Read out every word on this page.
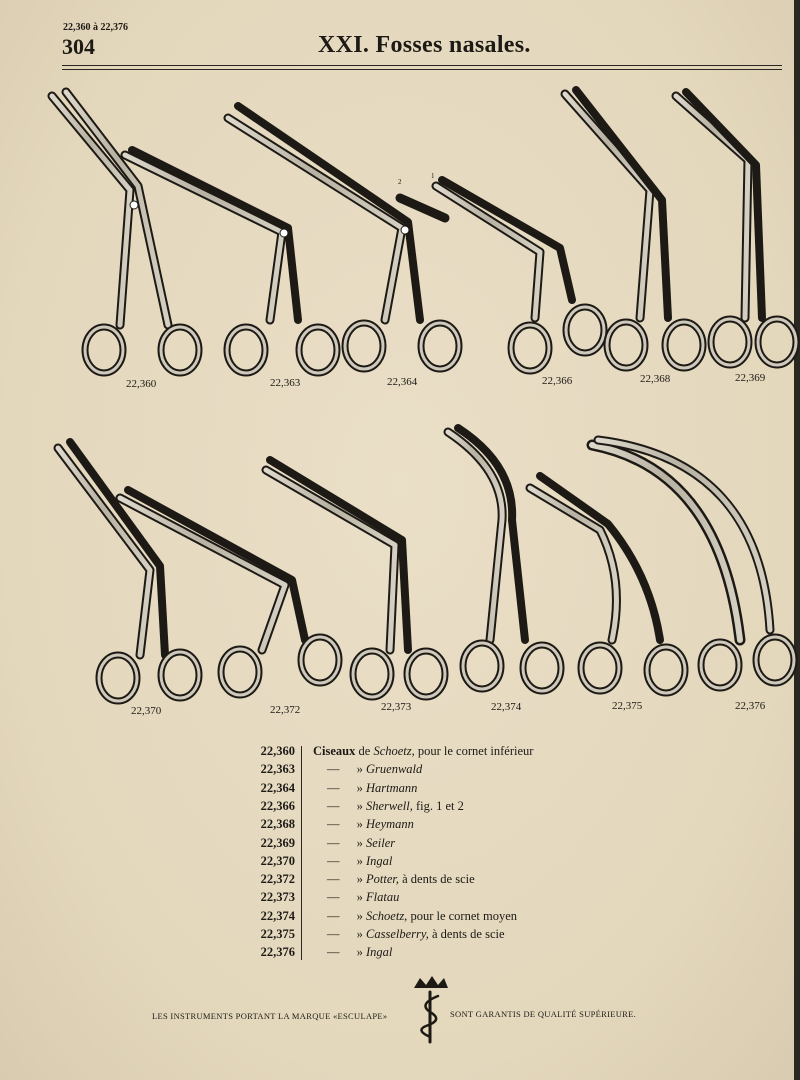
22,360 à 22,376
304	XXI. Fosses nasales.
22,360	22,363	22,364	22,366	22,368	22,369
2
1
22,370	22,372	22,373	22,374	22,375	22,376
22,360 Ciseaux de Schoetz, pour le cornet inférieur
22,363	— » Gruenwald
22,364	— » Hartmann
22,366	— » Sherwell, fig. 1 et 2
22,368	— » Heymann
22,369	— » Seiler
22,370	— » Ingal
22,372	— » Potter, à dents de scie
22,373	— » Flatau
22,374	— » Schoetz, pour le cornet moyen
22,375	— » Casselberry, à dents de scie
22,376	— » Ingal
LES INSTRUMENTS PORTANT LA MARQUE «ESCULAPE»	SONT GARANTIS DE QUALITÉ SUPÉRIEURE.
